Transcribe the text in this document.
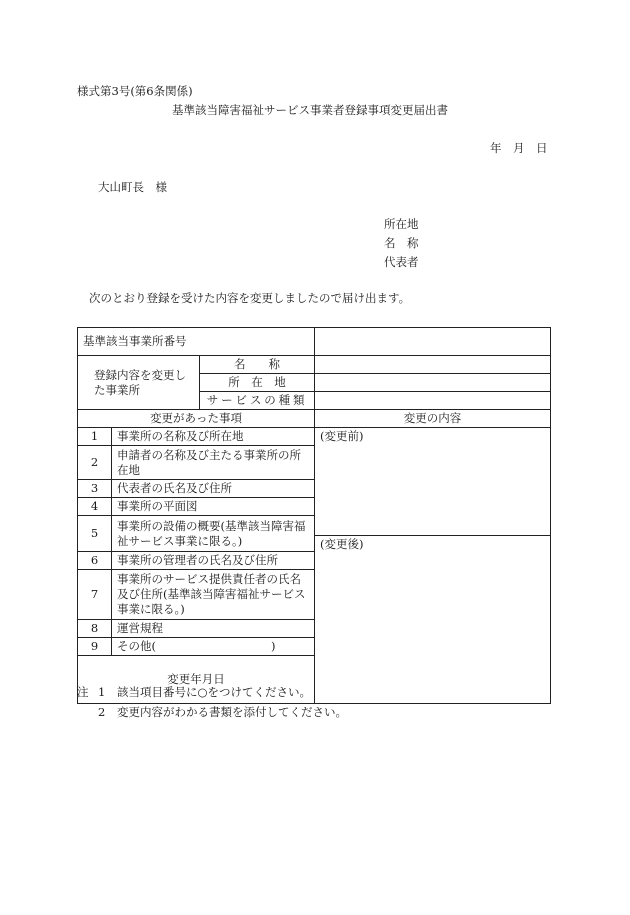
様式第3号(第6条関係)
基準該当障害福祉サービス事業者登録事項変更届出書
年　月　日
大山町長　様
所在地
名　称
代表者
次のとおり登録を受けた内容を変更しましたので届け出ます。
基準該当事業所番号				
登録内容を変更した事業所		名　　称		
		所　在　地		
		サービスの種類		
変更があった事項			変更の内容	
1	事業所の名称及び所在地		(変更前)	
2	申請者の名称及び主たる事業所の所在地			
3	代表者の氏名及び住所			
4	事業所の平面図			
5	事業所の設備の概要(基準該当障害福祉サービス事業に限る。)			
			(変更後)	
6	事業所の管理者の氏名及び住所			
7	事業所のサービス提供責任者の氏名及び住所(基準該当障害福祉サービス事業に限る。)			
8	運営規程			
9	その他(　　　　　　　　　　)			
変更年月日	
注 1 該当項目番号に○をつけてください。
2 変更内容がわかる書類を添付してください。
